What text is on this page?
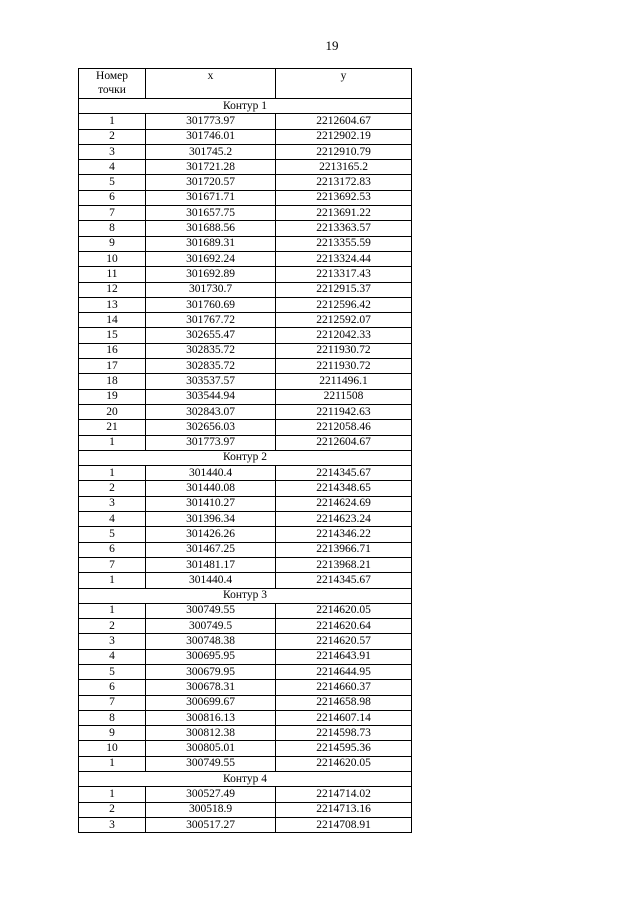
19
Номер
точки	x	y
Контур 1		
1	301773.97	2212604.67
2	301746.01	2212902.19
3	301745.2	2212910.79
4	301721.28	2213165.2
5	301720.57	2213172.83
6	301671.71	2213692.53
7	301657.75	2213691.22
8	301688.56	2213363.57
9	301689.31	2213355.59
10	301692.24	2213324.44
11	301692.89	2213317.43
12	301730.7	2212915.37
13	301760.69	2212596.42
14	301767.72	2212592.07
15	302655.47	2212042.33
16	302835.72	2211930.72
17	302835.72	2211930.72
18	303537.57	2211496.1
19	303544.94	2211508
20	302843.07	2211942.63
21	302656.03	2212058.46
1	301773.97	2212604.67
Контур 2		
1	301440.4	2214345.67
2	301440.08	2214348.65
3	301410.27	2214624.69
4	301396.34	2214623.24
5	301426.26	2214346.22
6	301467.25	2213966.71
7	301481.17	2213968.21
1	301440.4	2214345.67
Контур 3		
1	300749.55	2214620.05
2	300749.5	2214620.64
3	300748.38	2214620.57
4	300695.95	2214643.91
5	300679.95	2214644.95
6	300678.31	2214660.37
7	300699.67	2214658.98
8	300816.13	2214607.14
9	300812.38	2214598.73
10	300805.01	2214595.36
1	300749.55	2214620.05
Контур 4		
1	300527.49	2214714.02
2	300518.9	2214713.16
3	300517.27	2214708.91
